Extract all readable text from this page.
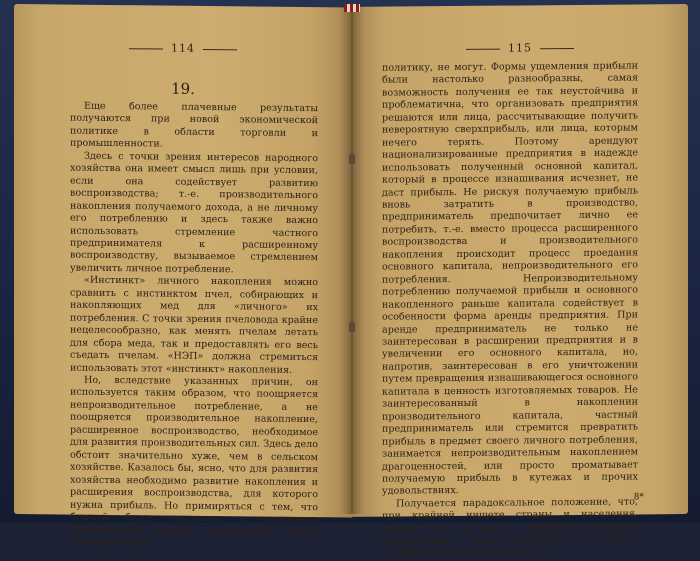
114
19.

Еще более плачевные результаты получаются при новой экономической политике в области торговли и промышленности.

Здесь с точки зрения интересов народного хозяйства она имеет смысл лишь при условии, если она содействует развитию воспроизводства; т.-е. производительного накопления получаемого дохода, а не личному его потреблению и здесь также важно использовать стремление частного предпринимателя к расширенному воспроизводству, вызываемое стремлением увеличить личное потребление.

«Инстинкт» личного накопления можно сравнить с инстинктом пчел, собирающих и накопляющих мед для «личного» их потребления. С точки зрения пчеловода крайне нецелесообразно, как менять пчелам летать для сбора меда, так и предоставлять его весь съедать пчелам. «НЭП» должна стремиться использовать этот «инстинкт» накопления.

Но, вследствие указанных причин, он используется таким образом, что поощряется непроизводительное потребление, а не поощряется производительное накопление, расширенное воспроизводство, необходимое для развития производительных сил. Здесь дело обстоит значительно хуже, чем в сельском хозяйстве. Казалось бы, ясно, что для развития хозяйства необходимо развитие накопления и расширения воспроизводства, для которого нужна прибыль. Но примиряться с тем, что буржуй будет накоплять и расширять производство многие, проводящие новую экономическую

115

политику, не могут. Формы ущемления прибыли были настолько разнообразны, самая возможность получения ее так неустойчива и проблематична, что организовать предприятия решаются или лица, рассчитывающие получить невероятную сверхприбыль, или лица, которым нечего терять. Поэтому арендуют национализированные предприятия в надежде использовать полученный основной капитал, который в процессе изнашивания исчезнет, не даст прибыль. Не рискуя получаемую прибыль вновь затратить в производство, предприниматель предпочитает лично ее потребить, т.-е. вместо процесса расширенного воспроизводства и производительного накопления происходит процесс проедания основного капитала, непроизводительного его потребления. Непроизводительному потреблению получаемой прибыли и основного накопленного раньше капитала содействует в особенности форма аренды предприятия. При аренде предприниматель не только не заинтересован в расширении предприятия и в увеличении его основного капитала, но, напротив, заинтересован в его уничтожении путем превращения изнашивающегося основного капитала в ценность изготовляемых товаров. Не заинтересованный в накоплении производительного капитала, частный предприниматель или стремится превратить прибыль в предмет своего личного потребления, занимается непроизводительным накоплением драгоценностей, или просто проматывает получаемую прибыль в кутежах и прочих удовольствиях.

Получается парадоксальное положение, что, при крайней нищете страны и населения, Москва по размерам непроизводительного потребления в форме роскоши и мотовства необыкновенно преуспевает. По-

8*
